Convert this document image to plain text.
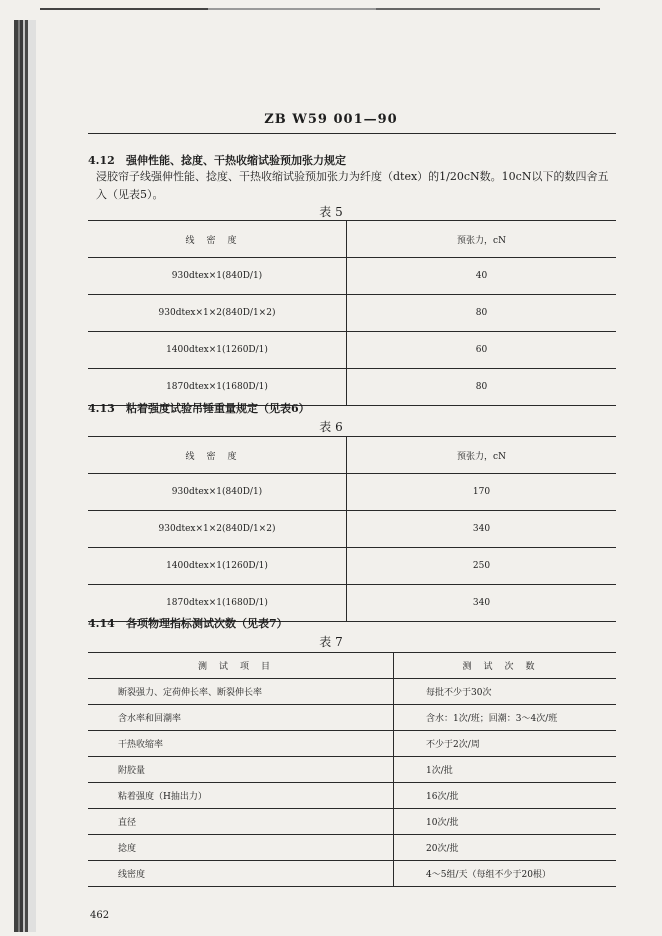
ZB W59 001—90
4.12 强伸性能、捻度、干热收缩试验预加张力规定
浸胶帘子线强伸性能、捻度、干热收缩试验预加张力为纤度（dtex）的1/20cN数。10cN以下的数四舍五入（见表5）。
表 5
线密度	预张力，cN
930dtex×1(840D/1)	40
930dtex×1×2(840D/1×2)	80
1400dtex×1(1260D/1)	60
1870dtex×1(1680D/1)	80
4.13 粘着强度试验吊锤重量规定（见表6）
表 6
线密度	预张力，cN
930dtex×1(840D/1)	170
930dtex×1×2(840D/1×2)	340
1400dtex×1(1260D/1)	250
1870dtex×1(1680D/1)	340
4.14 各项物理指标测试次数（见表7）
表 7
测试项目	测试次数
断裂强力、定荷伸长率、断裂伸长率	每批不少于30次
含水率和回潮率	含水：1次/班；回潮：3～4次/班
干热收缩率	不少于2次/周
附胶量	1次/批
粘着强度（H抽出力）	16次/批
直径	10次/批
捻度	20次/批
线密度	4～5组/天（每组不少于20根）
462
